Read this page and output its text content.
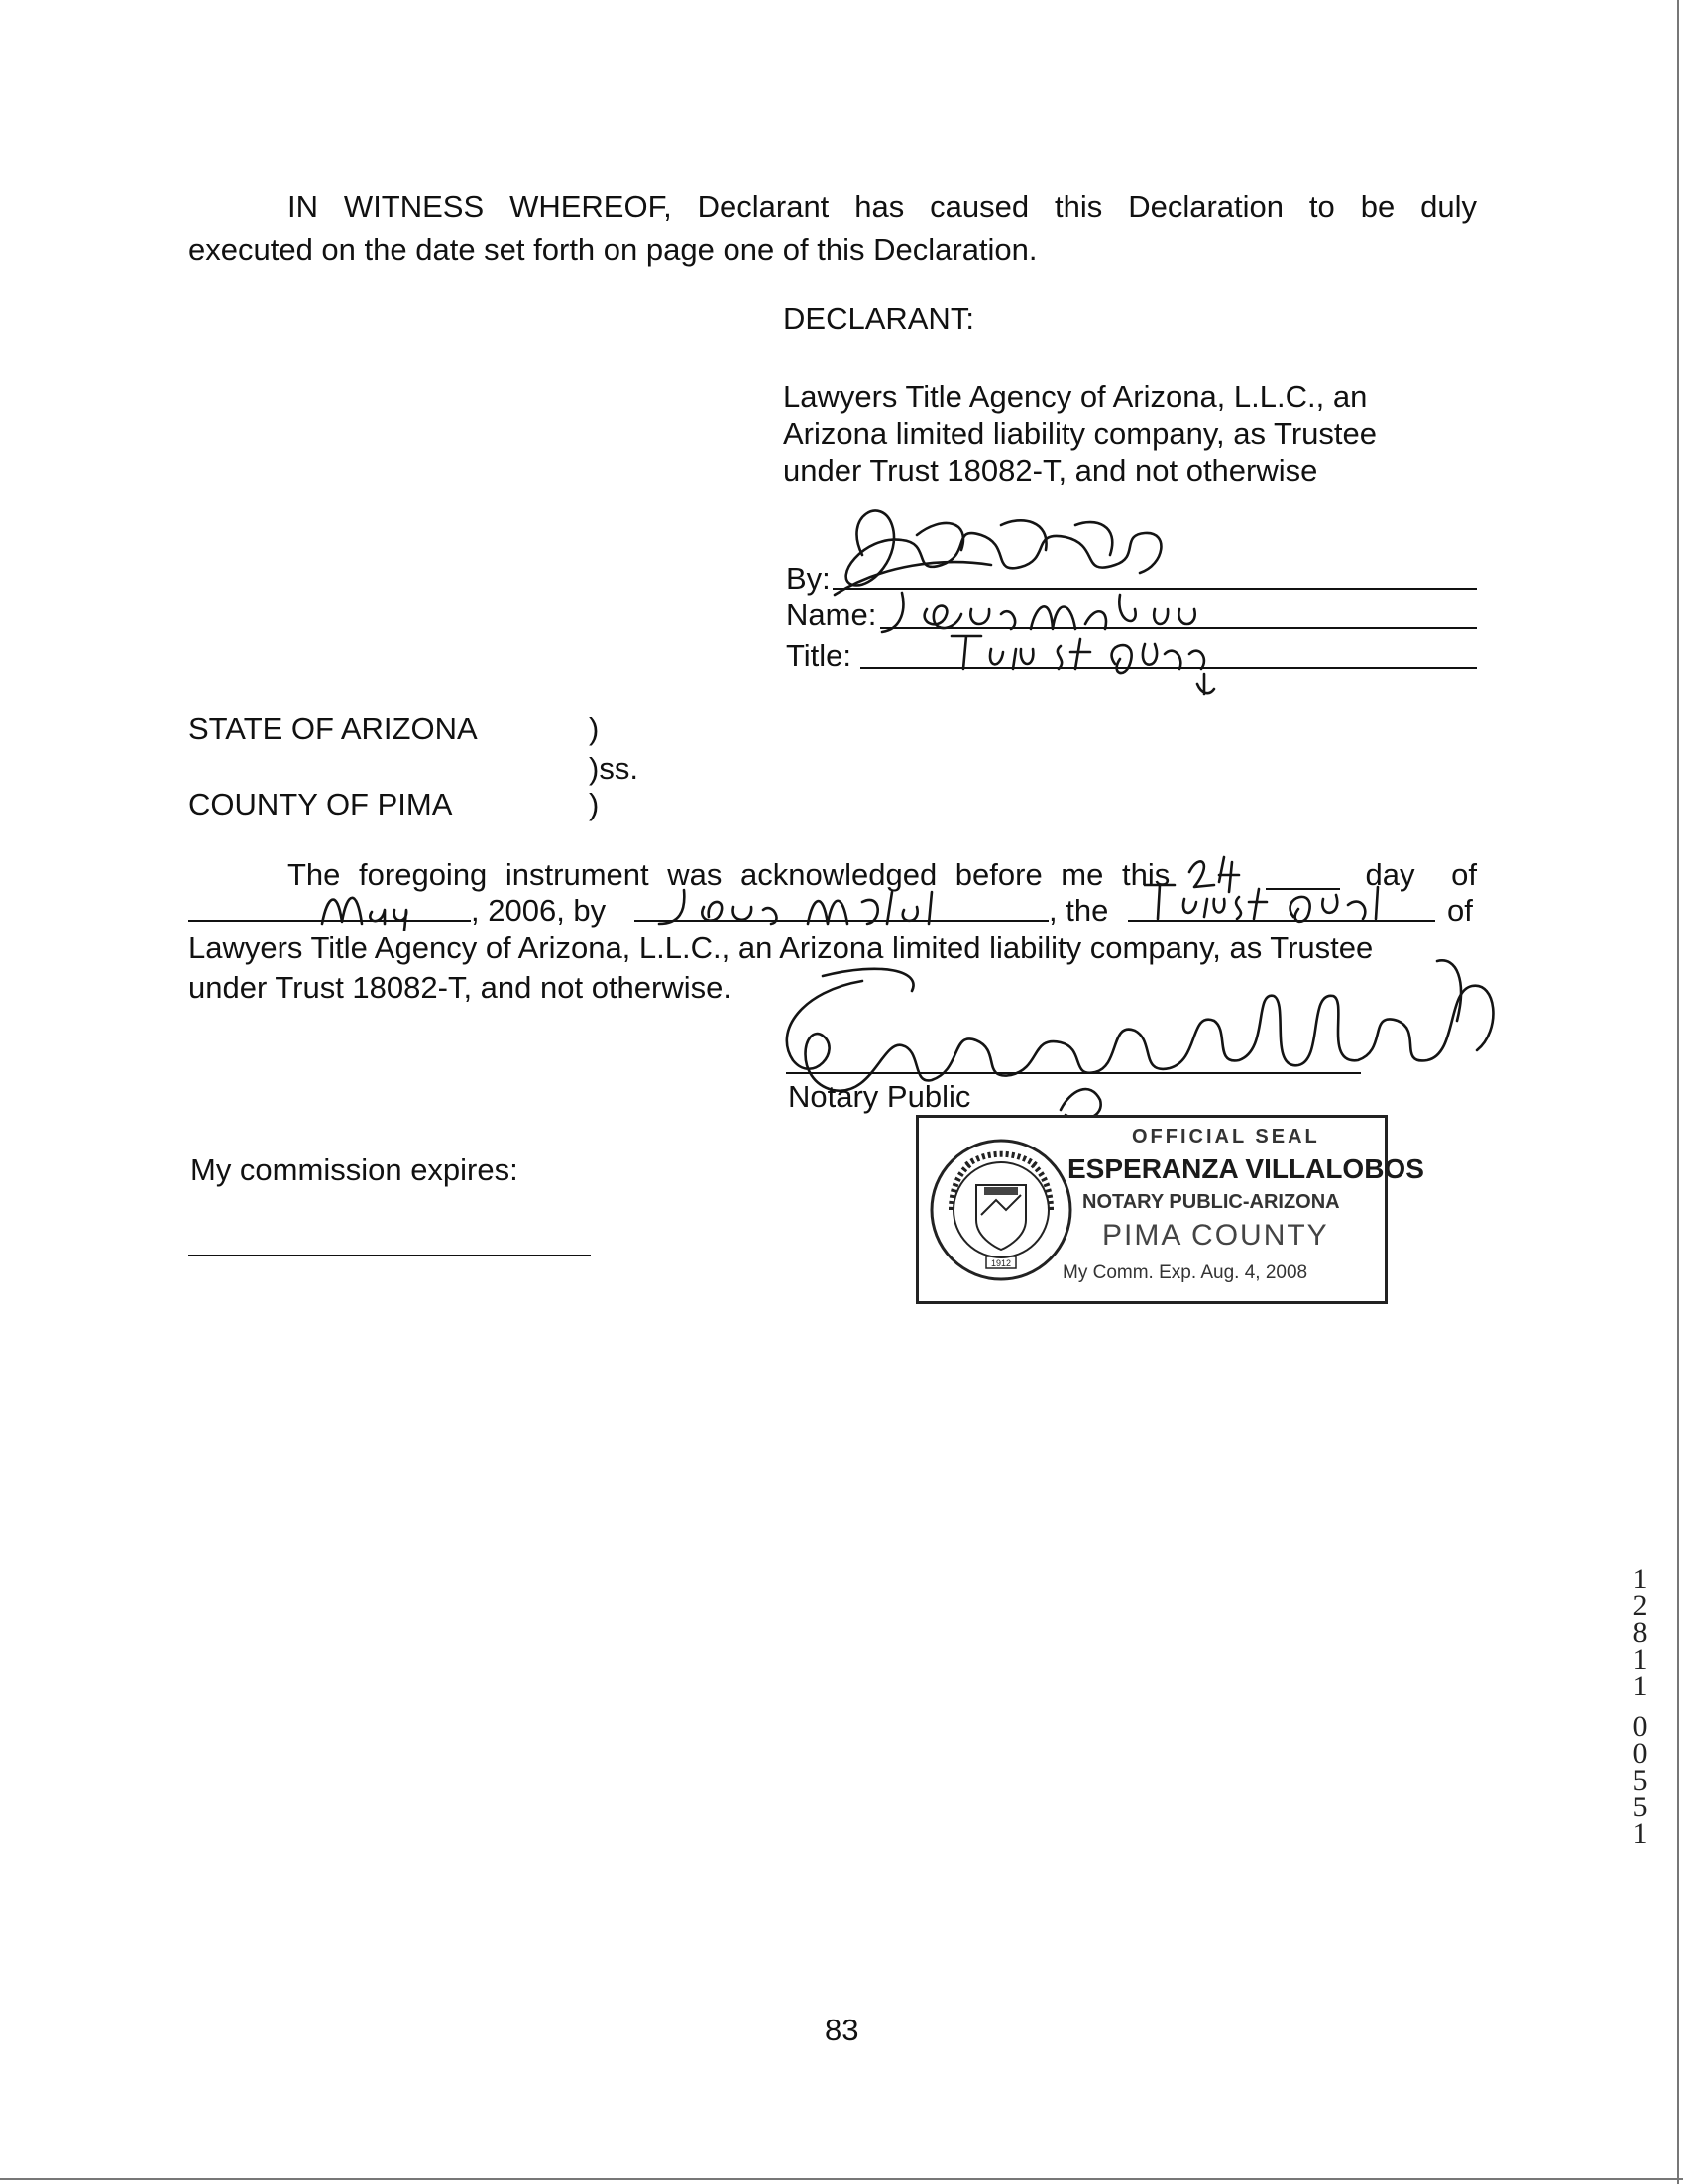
IN WITNESS WHEREOF, Declarant has caused this Declaration to be duly
executed on the date set forth on page one of this Declaration.
DECLARANT:
Lawyers Title Agency of Arizona, L.L.C., an
Arizona limited liability company, as Trustee
under Trust 18082-T, and not otherwise
By:
Name:
Title:
STATE OF ARIZONA	)
)ss.
COUNTY OF PIMA	)
The foregoing instrument was acknowledged before me this	day of
, 2006, by	, the	of
Lawyers Title Agency of Arizona, L.L.C., an Arizona limited liability company, as Trustee
under Trust 18082-T, and not otherwise.
Notary Public
My commission expires:
1912
OFFICIAL SEAL
ESPERANZA VILLALOBOS
NOTARY PUBLIC-ARIZONA
PIMA COUNTY
My Comm. Exp. Aug. 4, 2008
83
1
2
8
1
1
0
0
5
5
1
